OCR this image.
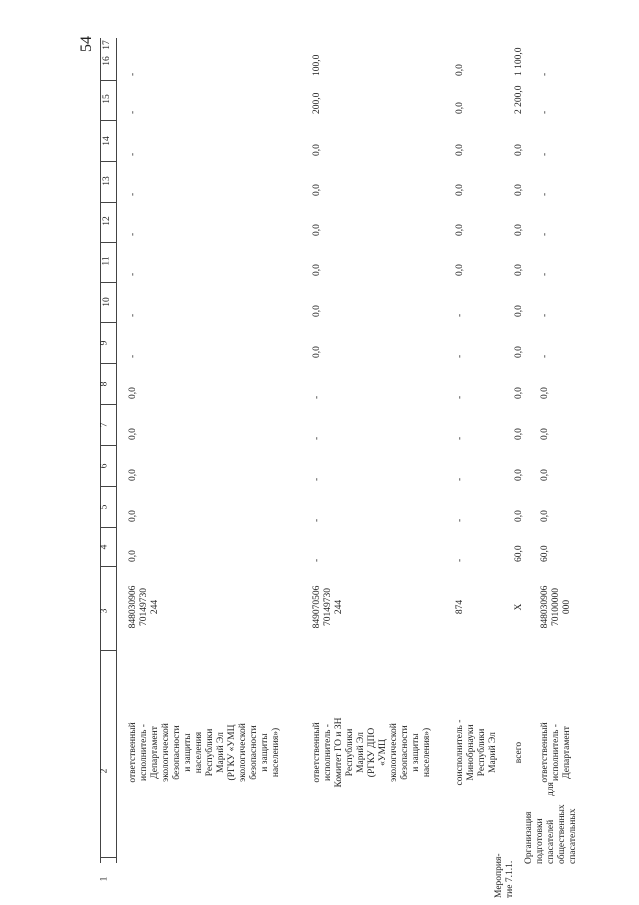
54
1
2
3
4
5
6
7
8
9
10
11
12
13
14
15
16
17
ответственный
исполнитель -
Департамент
экологической
безопасности
и защиты
населения
Республики
Марий Эл
(РГКУ «УМЦ
экологической
безопасности
и защиты
населения»)
848030906
70149730
244
0,0
0,0
0,0
0,0
0,0
-
-
-
-
-
-
-
-
ответственный
исполнитель -
Комитет ГО и ЗН
Республики
Марий Эл
(РГКУ ДПО
«УМЦ
экологической
безопасности
и защиты
населения»)
849070506
70149730
244
-
-
-
-
-
0,0
0,0
0,0
0,0
0,0
0,0
200,0
100,0
соисполнитель -
Минобрнауки
Республики
Марий Эл
874
-
-
-
-
-
-
-
0,0
0,0
0,0
0,0
0,0
0,0
Мероприя-
тие 7.1.1.
Организация
подготовки
спасателей          для
общественных
спасательных
всего
X
60,0
0,0
0,0
0,0
0,0
0,0
0,0
0,0
0,0
0,0
0,0
2 200,0
1 100,0
ответственный
исполнитель -
Департамент
848030906
70100000
000
60,0
0,0
0,0
0,0
0,0
-
-
-
-
-
-
-
-
